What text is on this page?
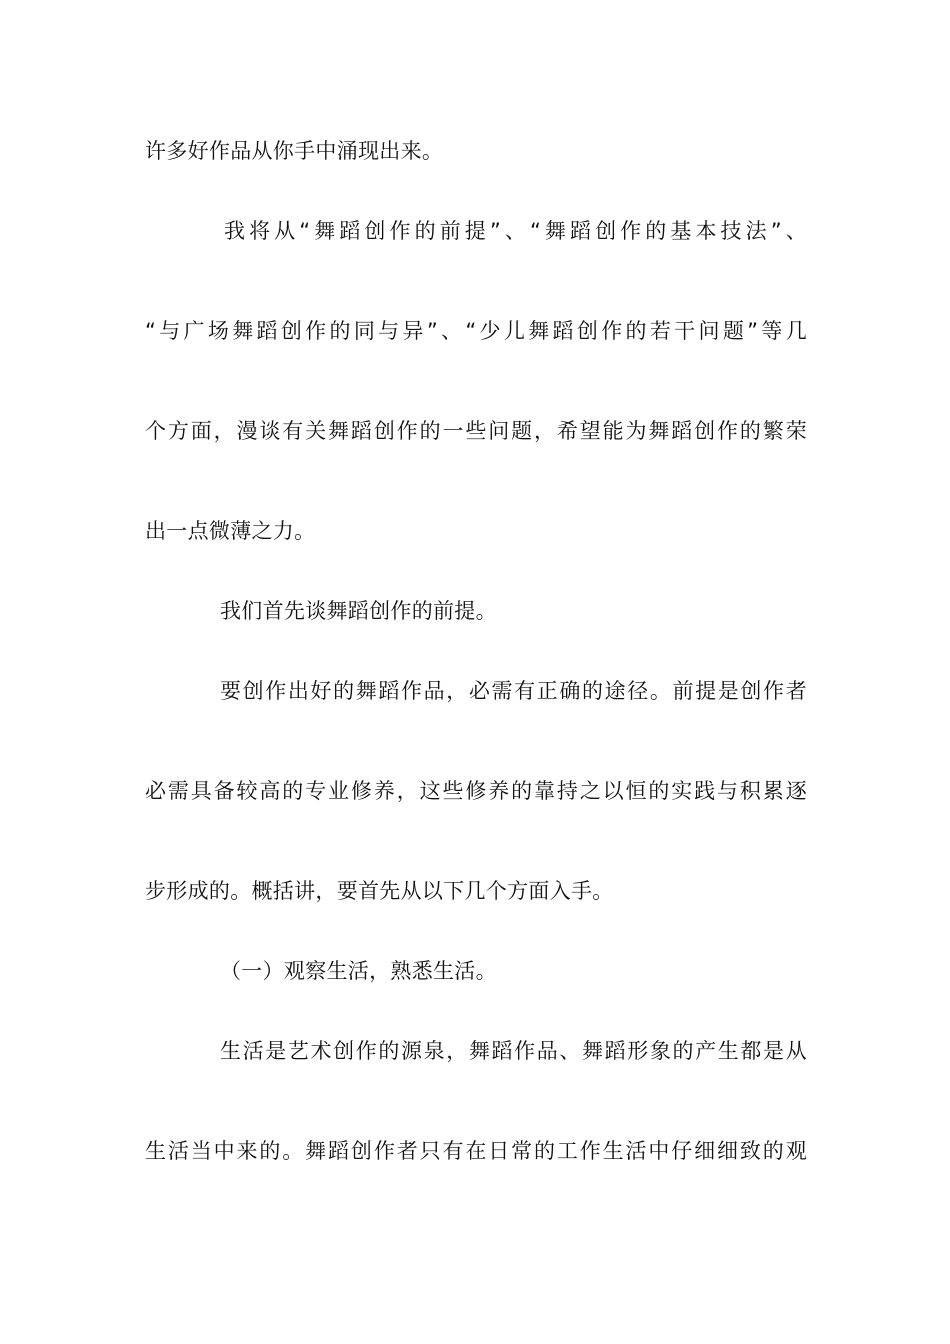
许多好作品从你手中涌现出来。
我将从“舞蹈创作的前提”、“舞蹈创作的基本技法”、
“与广场舞蹈创作的同与异”、“少儿舞蹈创作的若干问题”等几
个方面，漫谈有关舞蹈创作的一些问题，希望能为舞蹈创作的繁荣
出一点微薄之力。
我们首先谈舞蹈创作的前提。
要创作出好的舞蹈作品，必需有正确的途径。前提是创作者
必需具备较高的专业修养，这些修养的靠持之以恒的实践与积累逐
步形成的。概括讲，要首先从以下几个方面入手。
（一）观察生活，熟悉生活。
生活是艺术创作的源泉，舞蹈作品、舞蹈形象的产生都是从
生活当中来的。舞蹈创作者只有在日常的工作生活中仔细细致的观
